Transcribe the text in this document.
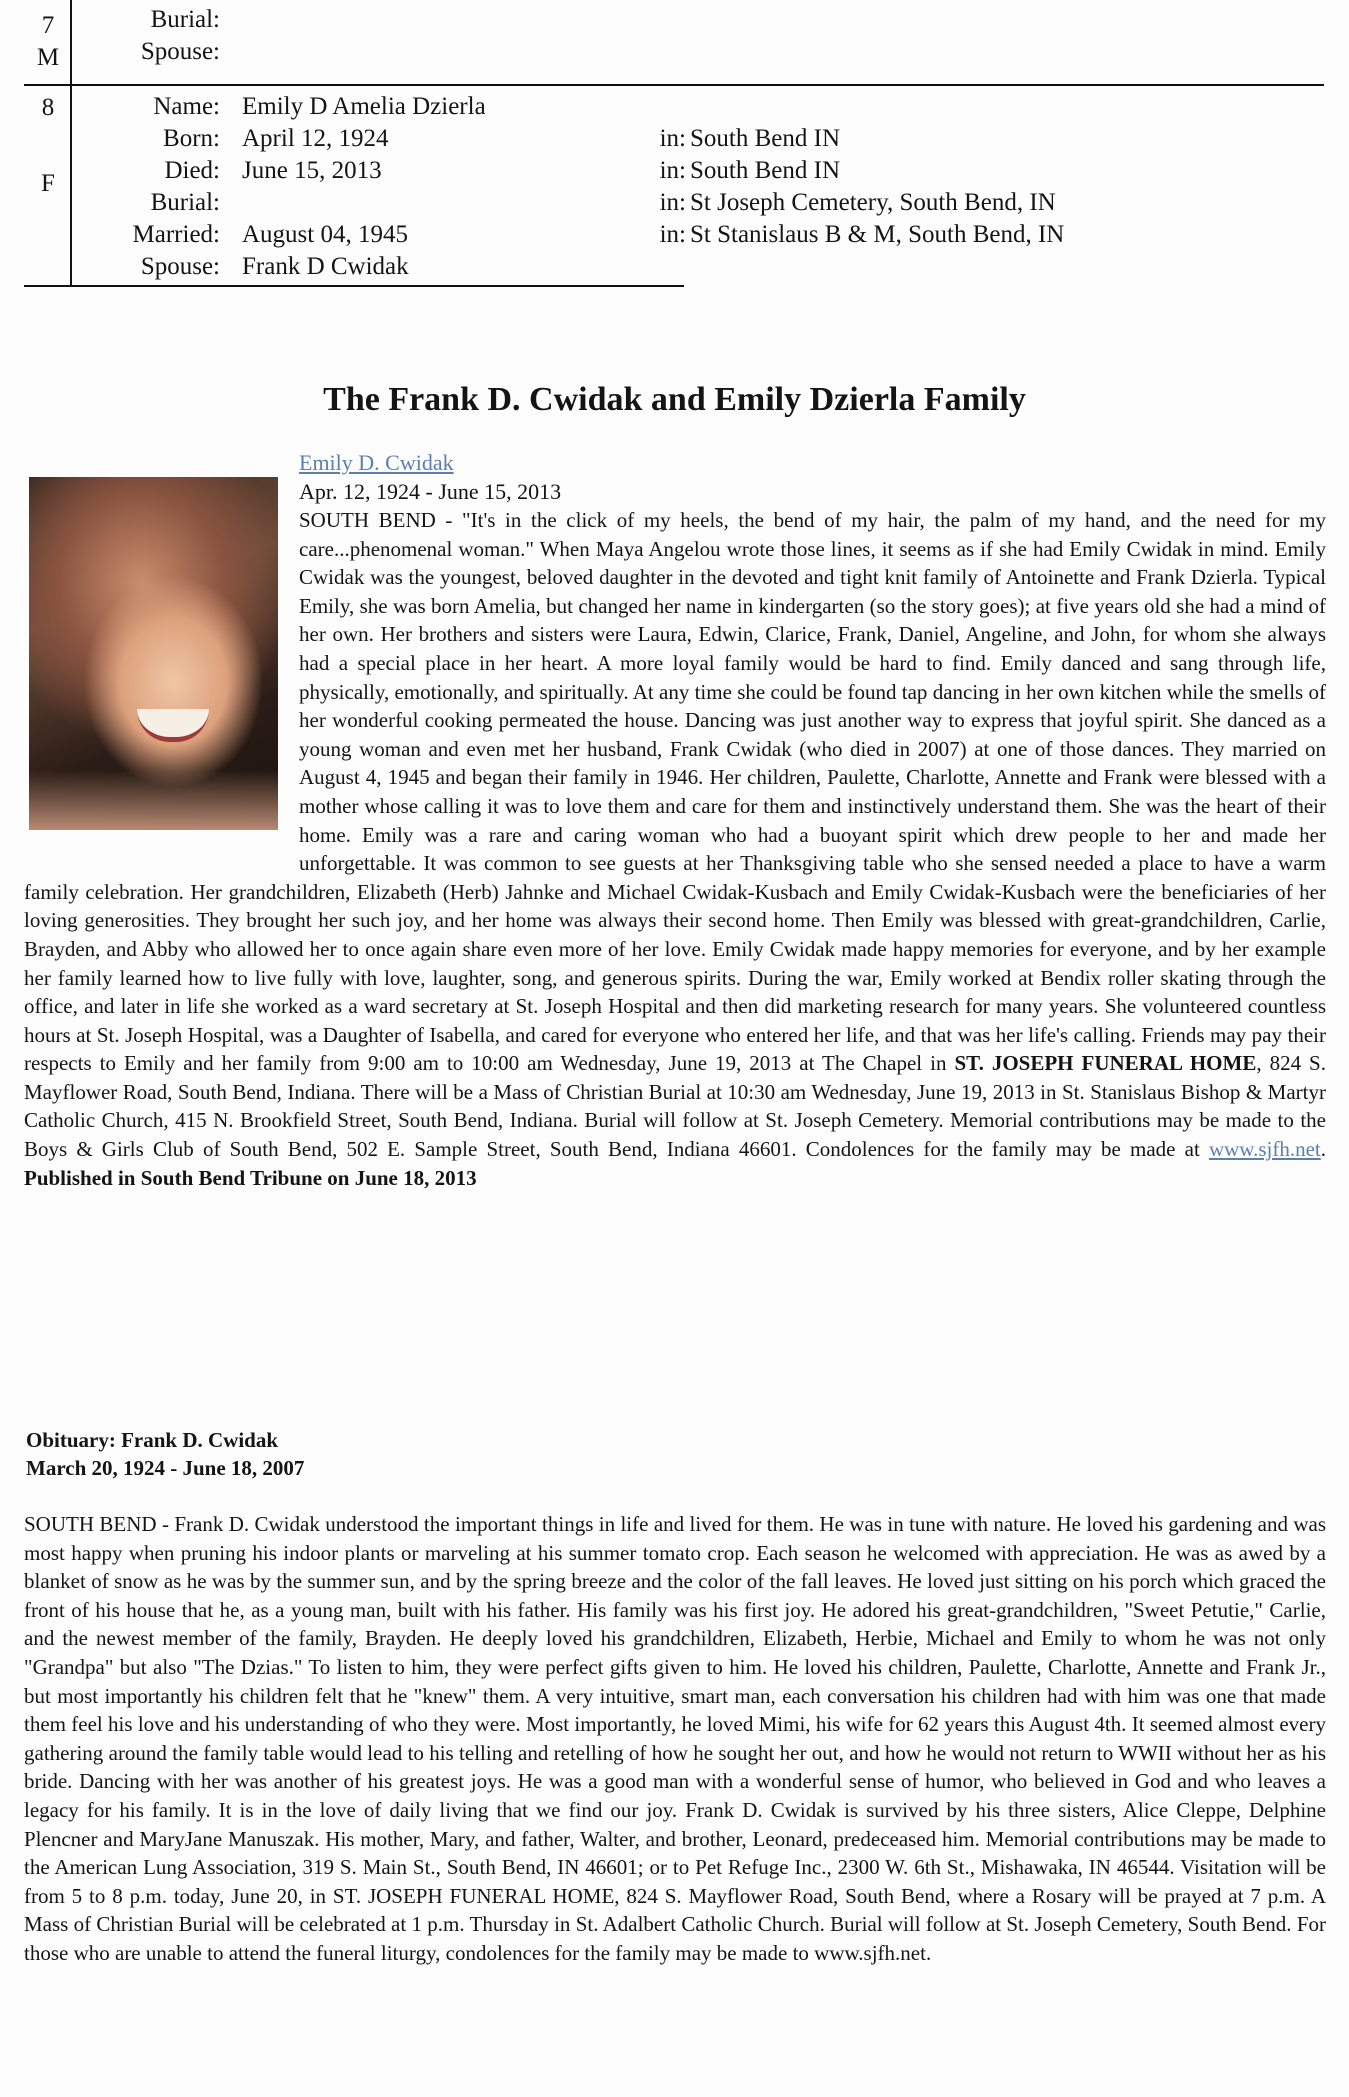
7
M
Burial:
Spouse:
8
F
Name: Emily D Amelia Dzierla
Born: April 12, 1924	in: South Bend IN
Died: June 15, 2013	in: South Bend IN
Burial:	in: St Joseph Cemetery, South Bend, IN
Married: August 04, 1945	in: St Stanislaus B & M, South Bend, IN
Spouse: Frank D Cwidak
The Frank D. Cwidak and Emily Dzierla Family
Emily D. Cwidak
Apr. 12, 1924 - June 15, 2013
SOUTH BEND - "It's in the click of my heels, the bend of my hair, the palm of my hand, and the need for my care...phenomenal woman." When Maya Angelou wrote those lines, it seems as if she had Emily Cwidak in mind. Emily Cwidak was the youngest, beloved daughter in the devoted and tight knit family of Antoinette and Frank Dzierla. Typical Emily, she was born Amelia, but changed her name in kindergarten (so the story goes); at five years old she had a mind of her own. Her brothers and sisters were Laura, Edwin, Clarice, Frank, Daniel, Angeline, and John, for whom she always had a special place in her heart. A more loyal family would be hard to find. Emily danced and sang through life, physically, emotionally, and spiritually. At any time she could be found tap dancing in her own kitchen while the smells of her wonderful cooking permeated the house. Dancing was just another way to express that joyful spirit. She danced as a young woman and even met her husband, Frank Cwidak (who died in 2007) at one of those dances. They married on August 4, 1945 and began their family in 1946. Her children, Paulette, Charlotte, Annette and Frank were blessed with a mother whose calling it was to love them and care for them and instinctively understand them. She was the heart of their home. Emily was a rare and caring woman who had a buoyant spirit which drew people to her and made her unforgettable. It was common to see guests at her Thanksgiving table who she sensed needed a place to have a warm family celebration. Her grandchildren, Elizabeth (Herb) Jahnke and Michael Cwidak-Kusbach and Emily Cwidak-Kusbach were the beneficiaries of her loving generosities. They brought her such joy, and her home was always their second home. Then Emily was blessed with great-grandchildren, Carlie, Brayden, and Abby who allowed her to once again share even more of her love. Emily Cwidak made happy memories for everyone, and by her example her family learned how to live fully with love, laughter, song, and generous spirits. During the war, Emily worked at Bendix roller skating through the office, and later in life she worked as a ward secretary at St. Joseph Hospital and then did marketing research for many years. She volunteered countless hours at St. Joseph Hospital, was a Daughter of Isabella, and cared for everyone who entered her life, and that was her life's calling. Friends may pay their respects to Emily and her family from 9:00 am to 10:00 am Wednesday, June 19, 2013 at The Chapel in ST. JOSEPH FUNERAL HOME, 824 S. Mayflower Road, South Bend, Indiana. There will be a Mass of Christian Burial at 10:30 am Wednesday, June 19, 2013 in St. Stanislaus Bishop & Martyr Catholic Church, 415 N. Brookfield Street, South Bend, Indiana. Burial will follow at St. Joseph Cemetery. Memorial contributions may be made to the Boys & Girls Club of South Bend, 502 E. Sample Street, South Bend, Indiana 46601. Condolences for the family may be made at www.sjfh.net. Published in South Bend Tribune on June 18, 2013
Obituary: Frank D. Cwidak
March 20, 1924 - June 18, 2007
SOUTH BEND - Frank D. Cwidak understood the important things in life and lived for them. He was in tune with nature. He loved his gardening and was most happy when pruning his indoor plants or marveling at his summer tomato crop. Each season he welcomed with appreciation. He was as awed by a blanket of snow as he was by the summer sun, and by the spring breeze and the color of the fall leaves. He loved just sitting on his porch which graced the front of his house that he, as a young man, built with his father. His family was his first joy. He adored his great-grandchildren, "Sweet Petutie," Carlie, and the newest member of the family, Brayden. He deeply loved his grandchildren, Elizabeth, Herbie, Michael and Emily to whom he was not only "Grandpa" but also "The Dzias." To listen to him, they were perfect gifts given to him. He loved his children, Paulette, Charlotte, Annette and Frank Jr., but most importantly his children felt that he "knew" them. A very intuitive, smart man, each conversation his children had with him was one that made them feel his love and his understanding of who they were. Most importantly, he loved Mimi, his wife for 62 years this August 4th. It seemed almost every gathering around the family table would lead to his telling and retelling of how he sought her out, and how he would not return to WWII without her as his bride. Dancing with her was another of his greatest joys. He was a good man with a wonderful sense of humor, who believed in God and who leaves a legacy for his family. It is in the love of daily living that we find our joy. Frank D. Cwidak is survived by his three sisters, Alice Cleppe, Delphine Plencner and MaryJane Manuszak. His mother, Mary, and father, Walter, and brother, Leonard, predeceased him. Memorial contributions may be made to the American Lung Association, 319 S. Main St., South Bend, IN 46601; or to Pet Refuge Inc., 2300 W. 6th St., Mishawaka, IN 46544. Visitation will be from 5 to 8 p.m. today, June 20, in ST. JOSEPH FUNERAL HOME, 824 S. Mayflower Road, South Bend, where a Rosary will be prayed at 7 p.m. A Mass of Christian Burial will be celebrated at 1 p.m. Thursday in St. Adalbert Catholic Church. Burial will follow at St. Joseph Cemetery, South Bend. For those who are unable to attend the funeral liturgy, condolences for the family may be made to www.sjfh.net.
